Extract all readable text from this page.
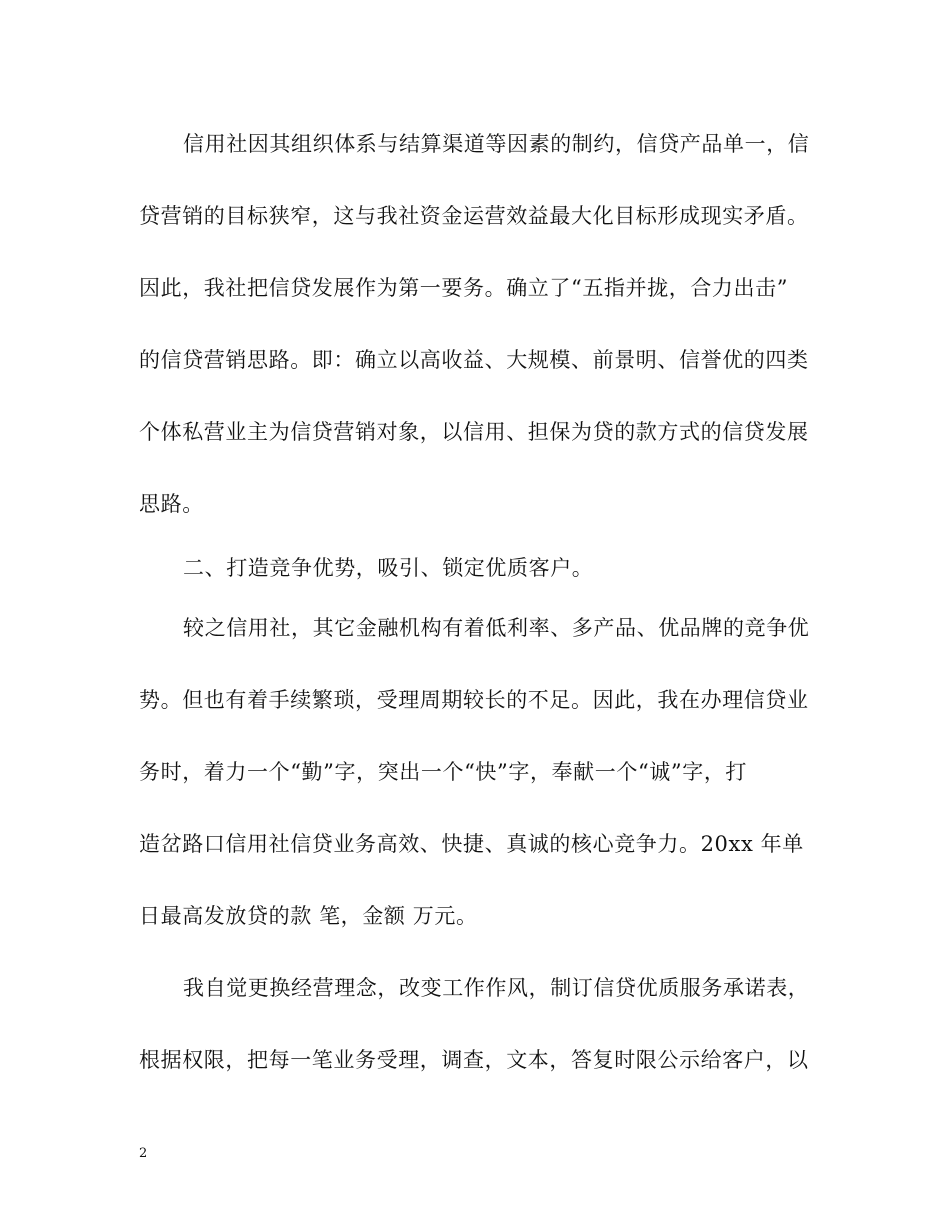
信用社因其组织体系与结算渠道等因素的制约，信贷产品单一，信
贷营销的目标狭窄，这与我社资金运营效益最大化目标形成现实矛盾。
因此，我社把信贷发展作为第一要务。确立了“五指并拢，合力出击”
的信贷营销思路。即：确立以高收益、大规模、前景明、信誉优的四类
个体私营业主为信贷营销对象，以信用、担保为贷的款方式的信贷发展
思路。
二、打造竞争优势，吸引、锁定优质客户。
较之信用社，其它金融机构有着低利率、多产品、优品牌的竞争优
势。但也有着手续繁琐，受理周期较长的不足。因此，我在办理信贷业
务时，着力一个“勤”字，突出一个“快”字，奉献一个“诚”字，打
造岔路口信用社信贷业务高效、快捷、真诚的核心竞争力。20xx 年单
日最高发放贷的款 笔，金额 万元。
我自觉更换经营理念，改变工作作风，制订信贷优质服务承诺表，
根据权限，把每一笔业务受理，调查，文本，答复时限公示给客户，以
2
